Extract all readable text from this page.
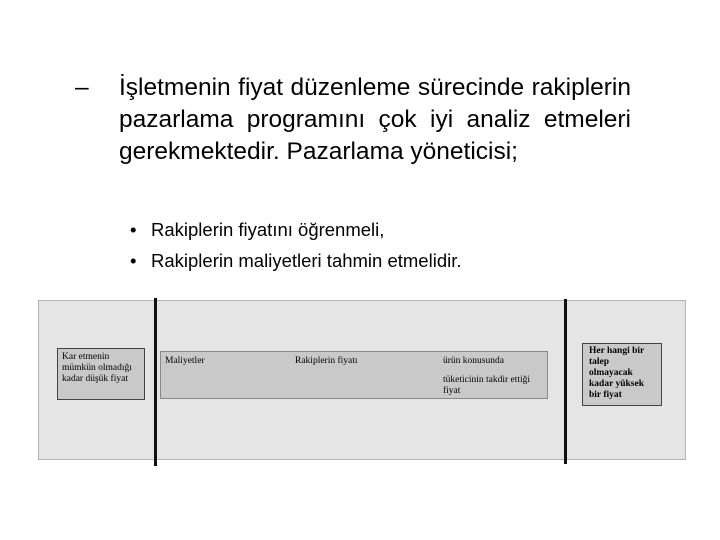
– İşletmenin fiyat düzenleme sürecinde rakiplerin pazarlama programını çok iyi analiz etmeleri gerekmektedir. Pazarlama yöneticisi;

• Rakiplerin fiyatını öğrenmeli,
• Rakiplerin maliyetleri tahmin etmelidir.
Kar etmenin mümkün olmadığı kadar düşük fiyat
Maliyetler	Rakiplerin fiyatı	ürün konusunda
tüketicinin takdir ettiği fiyat
Her hangi bir talep olmayacak kadar yüksek bir fiyat
